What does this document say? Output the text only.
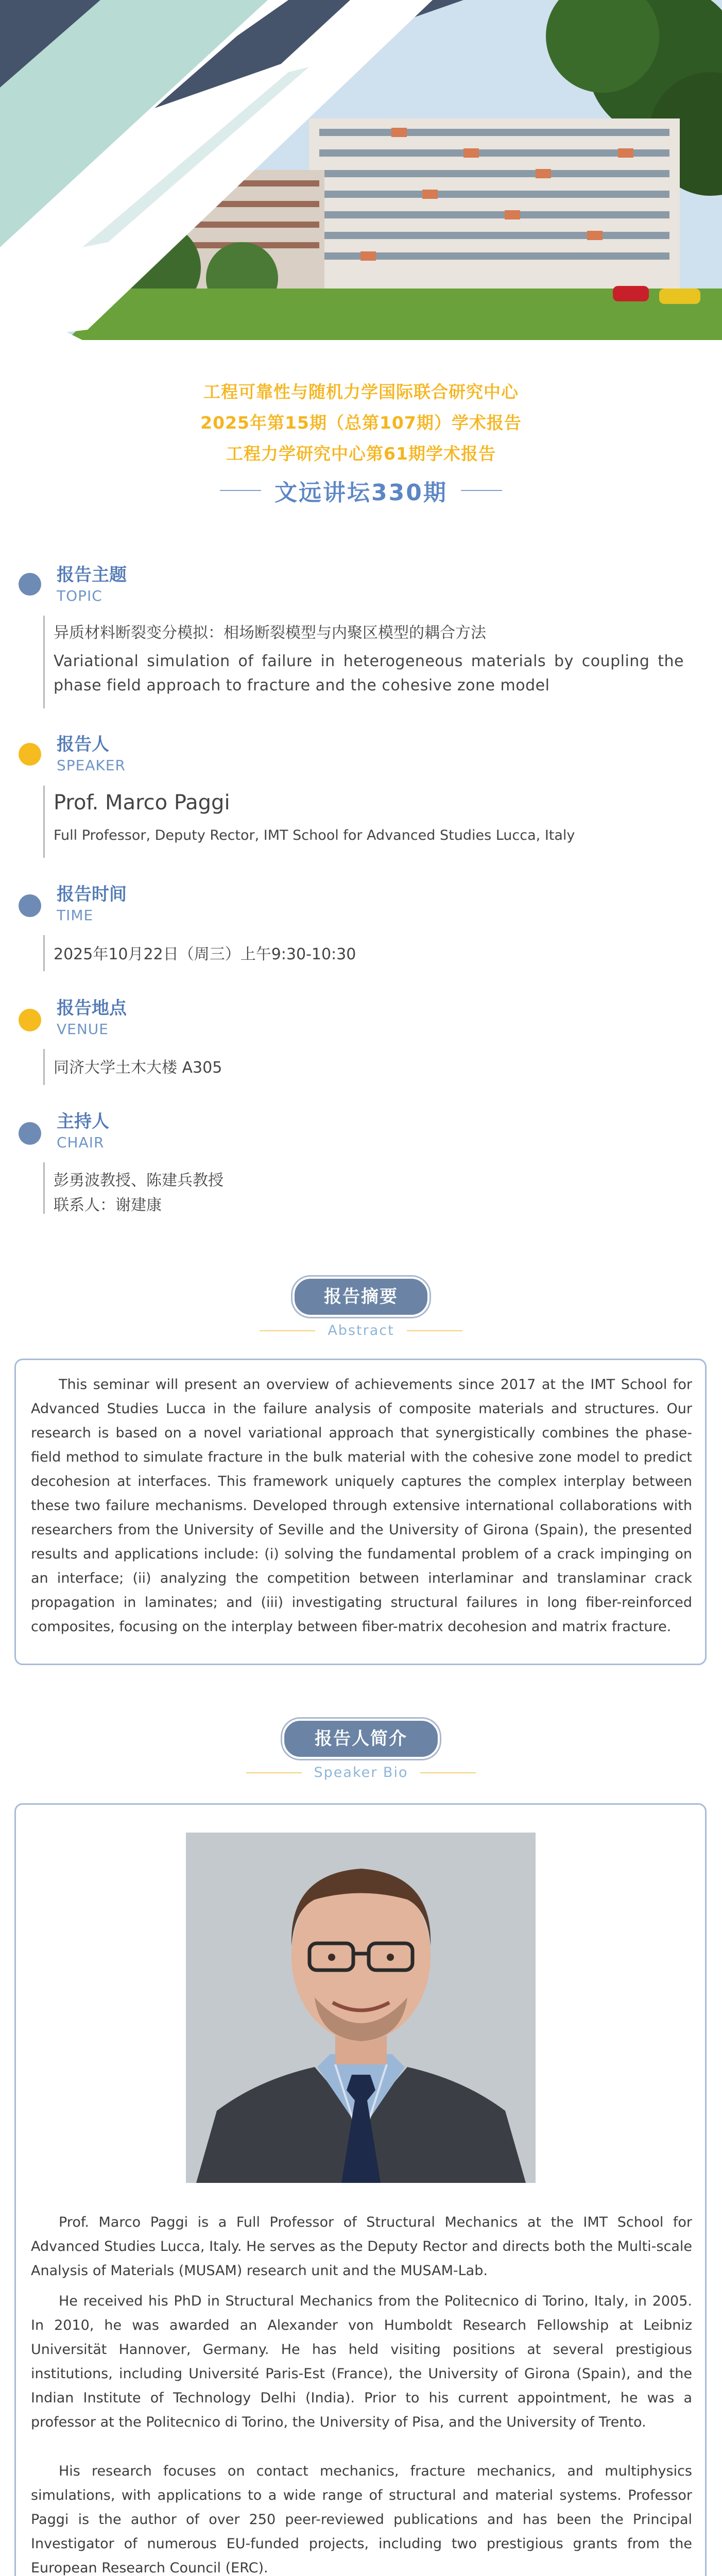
工程可靠性与随机力学国际联合研究中心
2025年第15期（总第107期）学术报告
工程力学研究中心第61期学术报告
文远讲坛330期
报告主题
TOPIC
异质材料断裂变分模拟：相场断裂模型与内聚区模型的耦合方法
Variational simulation of failure in heterogeneous materials by coupling the phase field approach to fracture and the cohesive zone model
报告人
SPEAKER
Prof. Marco Paggi
Full Professor, Deputy Rector, IMT School for Advanced Studies Lucca, Italy
报告时间
TIME
2025年10月22日（周三）上午9:30-10:30
报告地点
VENUE
同济大学土木大楼 A305
主持人
CHAIR
彭勇波教授、陈建兵教授
联系人：谢建康
报告摘要
Abstract
This seminar will present an overview of achievements since 2017 at the IMT School for Advanced Studies Lucca in the failure analysis of composite materials and structures. Our research is based on a novel variational approach that synergistically combines the phase-field method to simulate fracture in the bulk material with the cohesive zone model to predict decohesion at interfaces. This framework uniquely captures the complex interplay between these two failure mechanisms. Developed through extensive international collaborations with researchers from the University of Seville and the University of Girona (Spain), the presented results and applications include: (i) solving the fundamental problem of a crack impinging on an interface; (ii) analyzing the competition between interlaminar and translaminar crack propagation in laminates; and (iii) investigating structural failures in long fiber-reinforced composites, focusing on the interplay between fiber-matrix decohesion and matrix fracture.
报告人简介
Speaker Bio
Prof. Marco Paggi is a Full Professor of Structural Mechanics at the IMT School for Advanced Studies Lucca, Italy. He serves as the Deputy Rector and directs both the Multi-scale Analysis of Materials (MUSAM) research unit and the MUSAM-Lab.
He received his PhD in Structural Mechanics from the Politecnico di Torino, Italy, in 2005. In 2010, he was awarded an Alexander von Humboldt Research Fellowship at Leibniz Universität Hannover, Germany. He has held visiting positions at several prestigious institutions, including Université Paris-Est (France), the University of Girona (Spain), and the Indian Institute of Technology Delhi (India). Prior to his current appointment, he was a professor at the Politecnico di Torino, the University of Pisa, and the University of Trento.
His research focuses on contact mechanics, fracture mechanics, and multiphysics simulations, with applications to a wide range of structural and material systems. Professor Paggi is the author of over 250 peer-reviewed publications and has been the Principal Investigator of numerous EU-funded projects, including two prestigious grants from the European Research Council (ERC).
